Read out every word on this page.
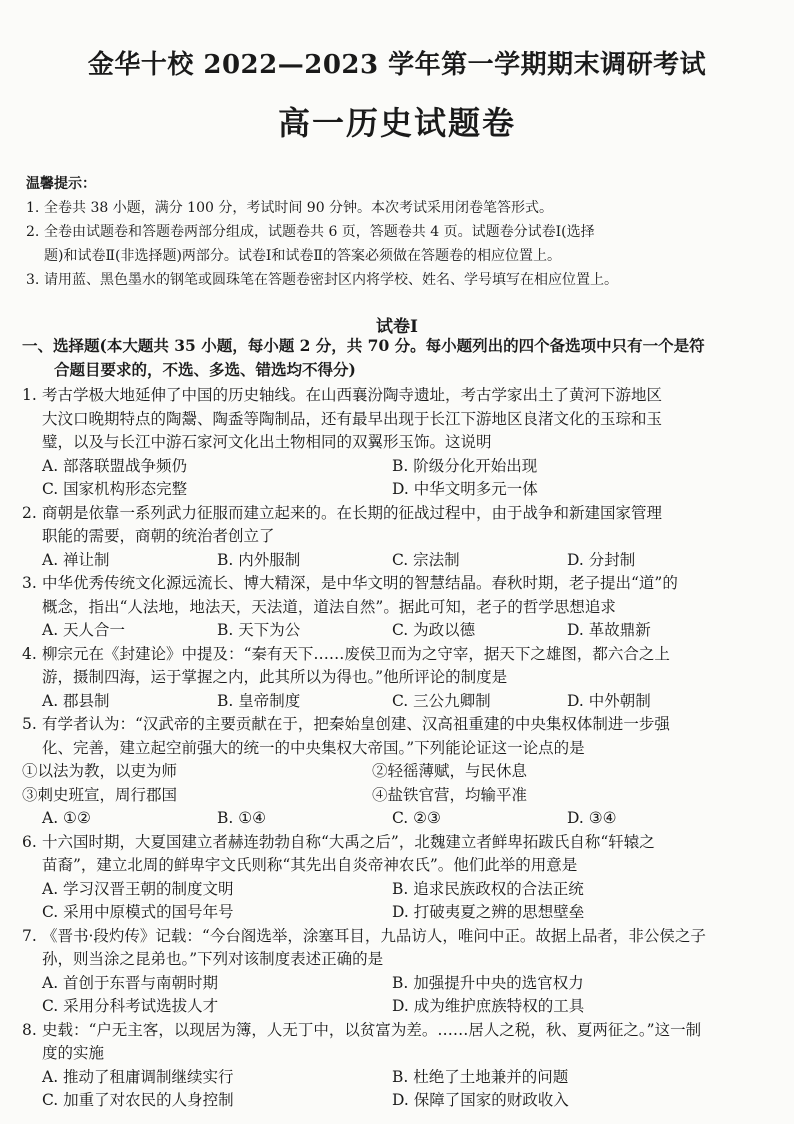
金华十校 2022—2023 学年第一学期期末调研考试
高一历史试题卷
温馨提示：
1. 全卷共 38 小题，满分 100 分，考试时间 90 分钟。本次考试采用闭卷笔答形式。
2. 全卷由试题卷和答题卷两部分组成，试题卷共 6 页，答题卷共 4 页。试题卷分试卷Ⅰ(选择
题)和试卷Ⅱ(非选择题)两部分。试卷Ⅰ和试卷Ⅱ的答案必须做在答题卷的相应位置上。
3. 请用蓝、黑色墨水的钢笔或圆珠笔在答题卷密封区内将学校、姓名、学号填写在相应位置上。
试卷Ⅰ
一、选择题(本大题共 35 小题，每小题 2 分，共 70 分。每小题列出的四个备选项中只有一个是符
合题目要求的，不选、多选、错选均不得分)
1. 考古学极大地延伸了中国的历史轴线。在山西襄汾陶寺遗址，考古学家出土了黄河下游地区
大汶口晚期特点的陶鬶、陶盉等陶制品，还有最早出现于长江下游地区良渚文化的玉琮和玉
璧，以及与长江中游石家河文化出土物相同的双翼形玉饰。这说明
A. 部落联盟战争频仍	B. 阶级分化开始出现
C. 国家机构形态完整	D. 中华文明多元一体
2. 商朝是依靠一系列武力征服而建立起来的。在长期的征战过程中，由于战争和新建国家管理
职能的需要，商朝的统治者创立了
A. 禅让制	B. 内外服制	C. 宗法制	D. 分封制
3. 中华优秀传统文化源远流长、博大精深，是中华文明的智慧结晶。春秋时期，老子提出“道”的
概念，指出“人法地，地法天，天法道，道法自然”。据此可知，老子的哲学思想追求
A. 天人合一	B. 天下为公	C. 为政以德	D. 革故鼎新
4. 柳宗元在《封建论》中提及：“秦有天下……废侯卫而为之守宰，据天下之雄图，都六合之上
游，摄制四海，运于掌握之内，此其所以为得也。”他所评论的制度是
A. 郡县制	B. 皇帝制度	C. 三公九卿制	D. 中外朝制
5. 有学者认为：“汉武帝的主要贡献在于，把秦始皇创建、汉高祖重建的中央集权体制进一步强
化、完善，建立起空前强大的统一的中央集权大帝国。”下列能论证这一论点的是
①以法为教，以吏为师	②轻徭薄赋，与民休息
③刺史班宣，周行郡国	④盐铁官营，均输平准
A. ①②	B. ①④	C. ②③	D. ③④
6. 十六国时期，大夏国建立者赫连勃勃自称“大禹之后”，北魏建立者鲜卑拓跋氏自称“轩辕之
苗裔”，建立北周的鲜卑宇文氏则称“其先出自炎帝神农氏”。他们此举的用意是
A. 学习汉晋王朝的制度文明	B. 追求民族政权的合法正统
C. 采用中原模式的国号年号	D. 打破夷夏之辨的思想壁垒
7. 《晋书·段灼传》记载：“今台阁选举，涂塞耳目，九品访人，唯问中正。故据上品者，非公侯之子
孙，则当涂之昆弟也。”下列对该制度表述正确的是
A. 首创于东晋与南朝时期	B. 加强提升中央的选官权力
C. 采用分科考试选拔人才	D. 成为维护庶族特权的工具
8. 史载：“户无主客，以现居为簿，人无丁中，以贫富为差。……居人之税，秋、夏两征之。”这一制
度的实施
A. 推动了租庸调制继续实行	B. 杜绝了土地兼并的问题
C. 加重了对农民的人身控制	D. 保障了国家的财政收入
